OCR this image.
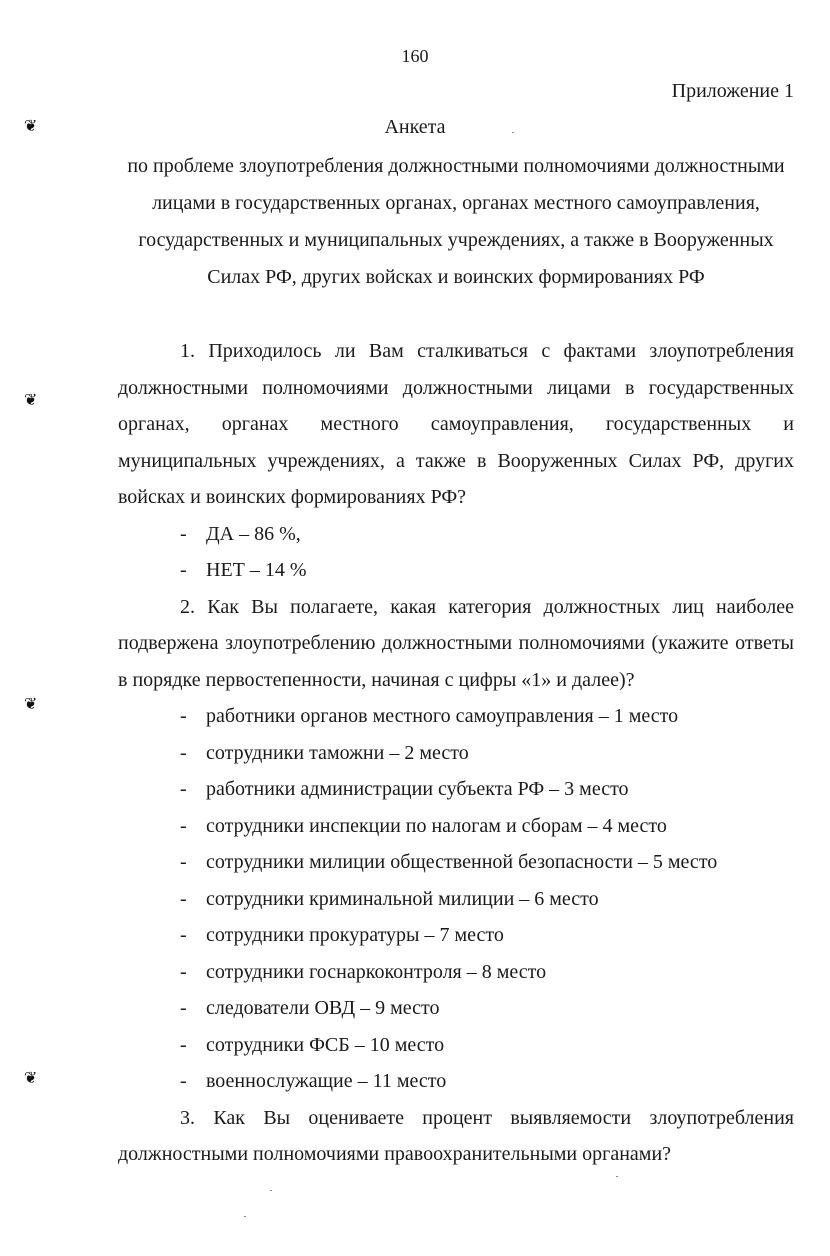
❦
❦
❦
❦
160
Приложение 1
Анкета
по проблеме злоупотребления должностными полномочиями должностными
лицами в государственных органах, органах местного самоуправления,
государственных и муниципальных учреждениях, а также в Вооруженных
Силах РФ, других войсках и воинских формированиях РФ

1. Приходилось ли Вам сталкиваться с фактами злоупотребления должностными полномочиями должностными лицами в государственных органах, органах местного самоуправления, государственных и муниципальных учреждениях, а также в Вооруженных Силах РФ, других войсках и воинских формированиях РФ?

- ДА – 86 %,
- НЕТ – 14 %

2. Как Вы полагаете, какая категория должностных лиц наиболее подвержена злоупотреблению должностными полномочиями (укажите ответы в порядке первостепенности, начиная с цифры «1» и далее)?

- работники органов местного самоуправления – 1 место
- сотрудники таможни – 2 место
- работники администрации субъекта РФ – 3 место
- сотрудники инспекции по налогам и сборам – 4 место
- сотрудники милиции общественной безопасности – 5 место
- сотрудники криминальной милиции – 6 место
- сотрудники прокуратуры – 7 место
- сотрудники госнаркоконтроля – 8 место
- следователи ОВД – 9 место
- сотрудники ФСБ – 10 место
- военнослужащие – 11 место

3. Как Вы оцениваете процент выявляемости злоупотребления должностными полномочиями правоохранительными органами?
